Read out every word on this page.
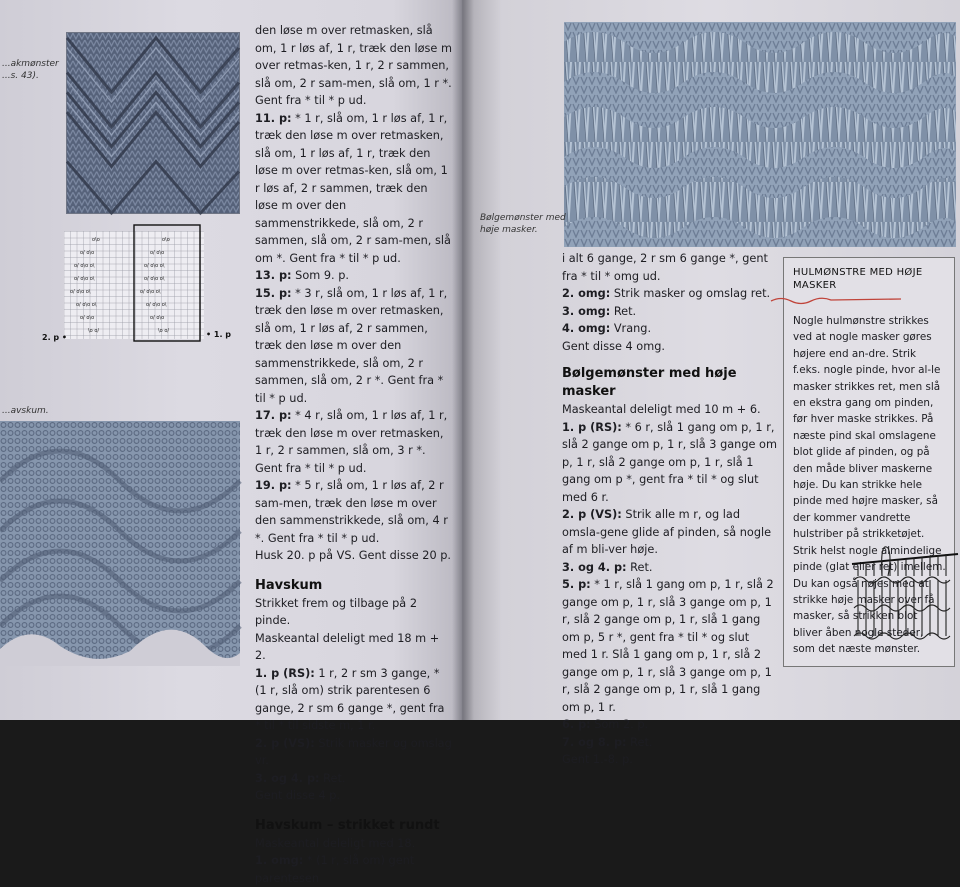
...akmønster
...s. 43).
o\o	o\o
o/ o\o	o/ o\o
o/ o\o o\	o/ o\o o\
o/ o\o o\	o/ o\o o\
o/ o\o o\	o/ o\o o\
o/ o\o o\	o/ o\o o\
o/ o\o	o/ o\o
\o o/	\o o/
2. p •	• 1. p
...avskum.

den løse m over retmasken, slå om, 1 r løs af, 1 r, træk den løse m over retmas-ken, 1 r, 2 r sammen, slå om, 2 r sam-men, slå om, 1 r *. Gent fra * til * p ud.

11. p: * 1 r, slå om, 1 r løs af, 1 r, træk den løse m over retmasken, slå om, 1 r løs af, 1 r, træk den løse m over retmas-ken, slå om, 1 r løs af, 2 r sammen, træk den løse m over den sammenstrikkede, slå om, 2 r sammen, slå om, 2 r sam-men, slå om *. Gent fra * til * p ud.

13. p: Som 9. p.

15. p: * 3 r, slå om, 1 r løs af, 1 r, træk den løse m over retmasken, slå om, 1 r løs af, 2 r sammen, træk den løse m over den sammenstrikkede, slå om, 2 r sammen, slå om, 2 r *. Gent fra * til * p ud.

17. p: * 4 r, slå om, 1 r løs af, 1 r, træk den løse m over retmasken, 1 r, 2 r sammen, slå om, 3 r *. Gent fra * til * p ud.

19. p: * 5 r, slå om, 1 r løs af, 2 r sam-men, træk den løse m over den sammenstrikkede, slå om, 4 r *. Gent fra * til * p ud.

Husk 20. p på VS. Gent disse 20 p.

Havskum

Strikket frem og tilbage på 2 pinde.

Maskeantal deleligt med 18 m + 2.

1. p (RS): 1 r, 2 r sm 3 gange, * (1 r, slå om) strik parentesen 6 gange, 2 r sm 6 gange *, gent fra * til * til sidste m, 1 r.

2. p (VS): Strik masker og omslag vr.

3. og 4. p: Ret.

Gent disse 4 p.

Havskum – strikket rundt

Maskeantal deleligt med 18.

1. omg: * (1 r, slå om) gent parentesen

Bølgemønster med
høje masker.

i alt 6 gange, 2 r sm 6 gange *, gent fra * til * omg ud.

2. omg: Strik masker og omslag ret.

3. omg: Ret.

4. omg: Vrang.

Gent disse 4 omg.

Bølgemønster med høje masker

Maskeantal deleligt med 10 m + 6.

1. p (RS): * 6 r, slå 1 gang om p, 1 r, slå 2 gange om p, 1 r, slå 3 gange om p, 1 r, slå 2 gange om p, 1 r, slå 1 gang om p *, gent fra * til * og slut med 6 r.

2. p (VS): Strik alle m r, og lad omsla-gene glide af pinden, så nogle af m bli-ver høje.

3. og 4. p: Ret.

5. p: * 1 r, slå 1 gang om p, 1 r, slå 2 gange om p, 1 r, slå 3 gange om p, 1 r, slå 2 gange om p, 1 r, slå 1 gang om p, 5 r *, gent fra * til * og slut med 1 r. Slå 1 gang om p, 1 r, slå 2 gange om p, 1 r, slå 3 gange om p, 1 r, slå 2 gange om p, 1 r, slå 1 gang om p, 1 r.

6. p: Som 2. p.

7. og 8. p: Ret.

Gent 1.-8. p.

HULMØNSTRE MED HØJE MASKER

Nogle hulmønstre strikkes ved at nogle masker gøres højere end an-dre. Strik f.eks. nogle pinde, hvor al-le masker strikkes ret, men slå en ekstra gang om pinden, før hver maske strikkes. På næste pind skal omslagene blot glide af pinden, og på den måde bliver maskerne høje. Du kan strikke hele pinde med højre masker, så der kommer vandrette hulstriber på strikketøjet. Strik helst nogle almindelige pinde (glat eller ret) imellem. Du kan også nøjes med at strikke høje masker over få masker, så strikken blot bliver åben nogle steder, som det næste mønster.
